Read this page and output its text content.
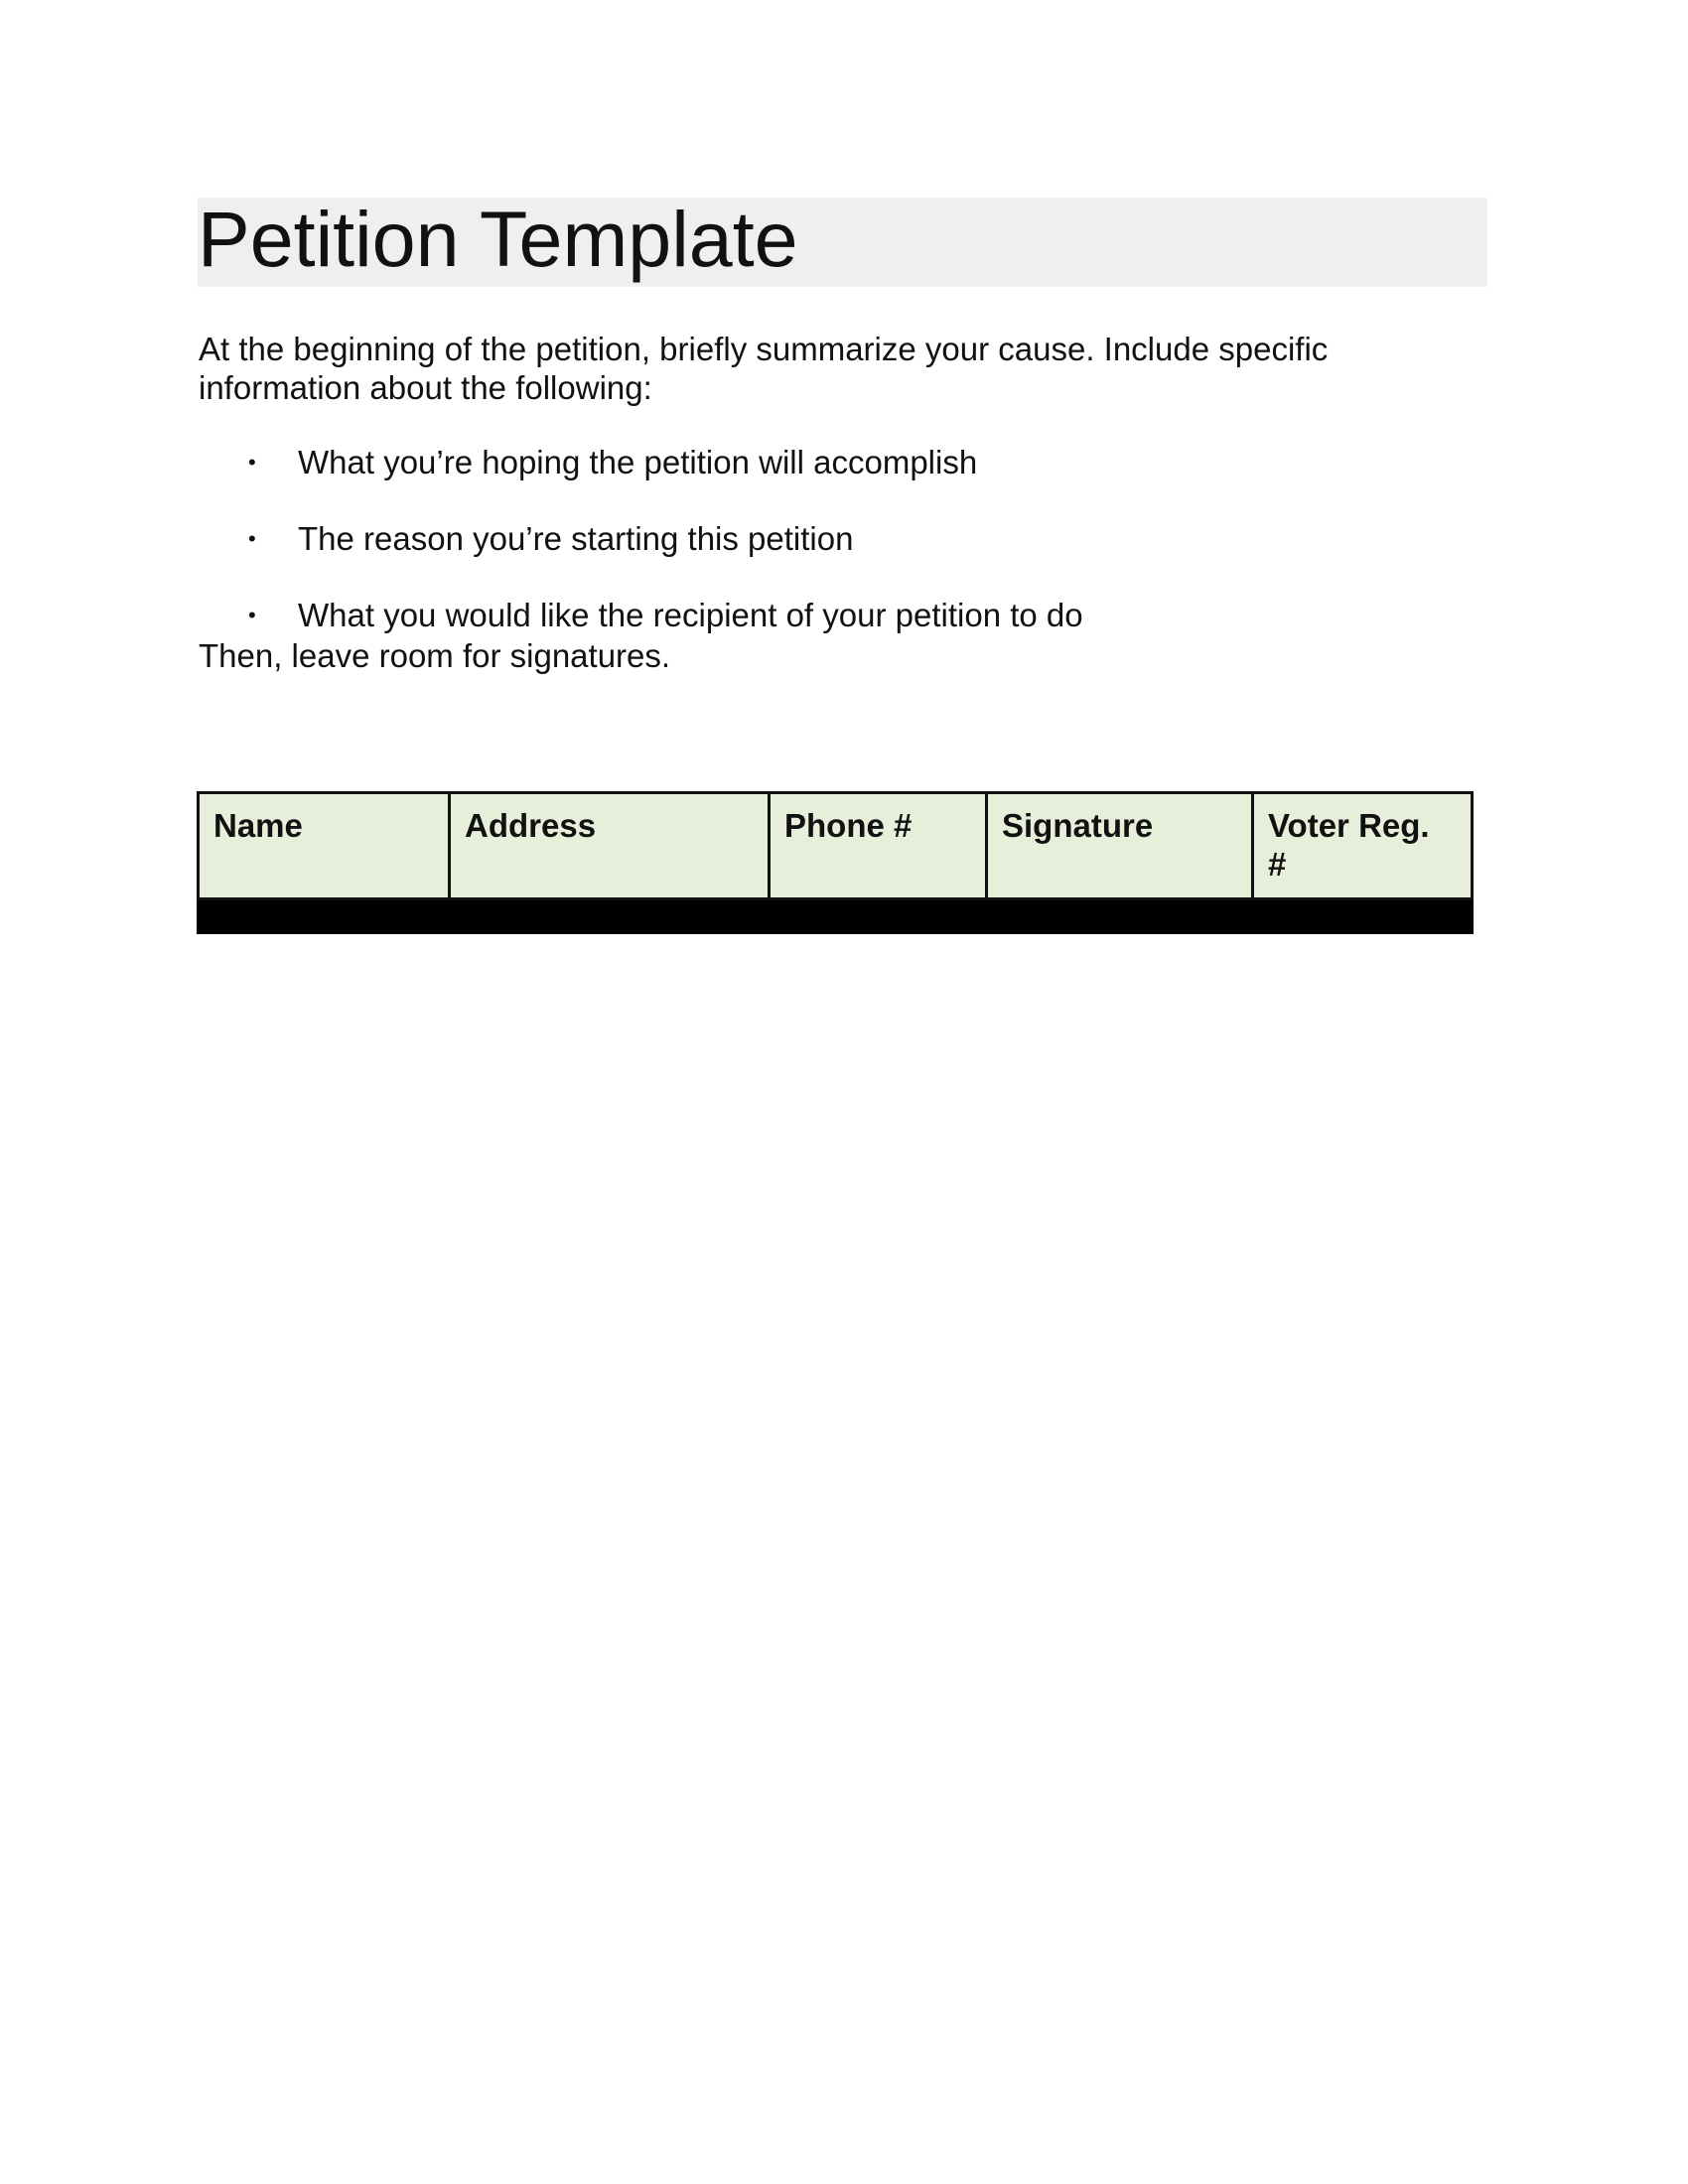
Petition Template

At the beginning of the petition, briefly summarize your cause. Include specific information about the following:

• What you’re hoping the petition will accomplish
• The reason you’re starting this petition
• What you would like the recipient of your petition to do

Then, leave room for signatures.

Name	Address	Phone #	Signature	Voter Reg. #
